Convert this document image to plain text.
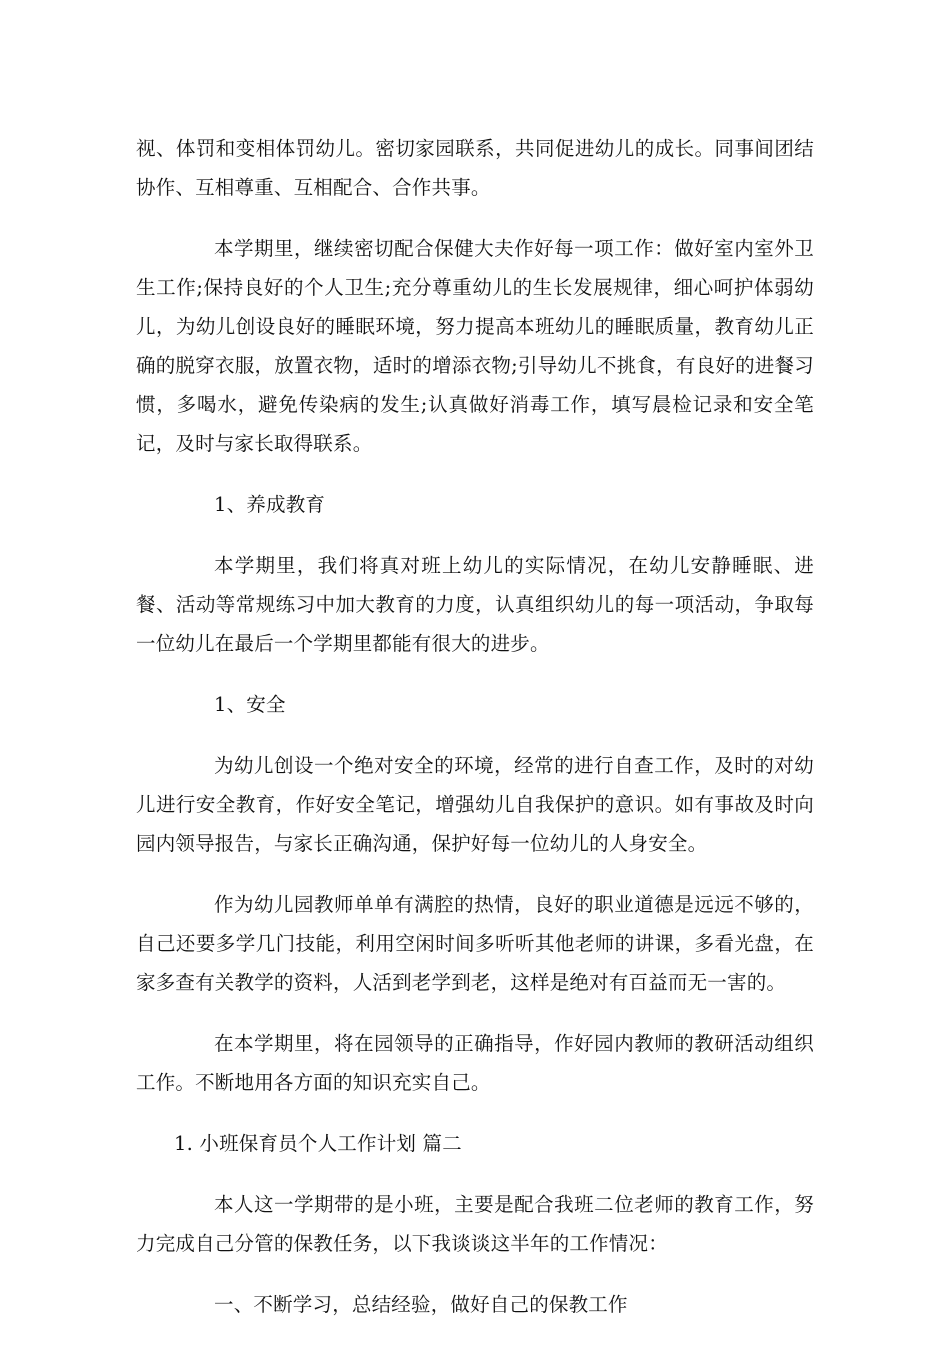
视、体罚和变相体罚幼儿。密切家园联系，共同促进幼儿的成长。同事间团结协作、互相尊重、互相配合、合作共事。

本学期里，继续密切配合保健大夫作好每一项工作：做好室内室外卫生工作;保持良好的个人卫生;充分尊重幼儿的生长发展规律，细心呵护体弱幼儿，为幼儿创设良好的睡眠环境，努力提高本班幼儿的睡眠质量，教育幼儿正确的脱穿衣服，放置衣物，适时的增添衣物;引导幼儿不挑食，有良好的进餐习惯，多喝水，避免传染病的发生;认真做好消毒工作，填写晨检记录和安全笔记，及时与家长取得联系。

1、养成教育

本学期里，我们将真对班上幼儿的实际情况，在幼儿安静睡眠、进餐、活动等常规练习中加大教育的力度，认真组织幼儿的每一项活动，争取每一位幼儿在最后一个学期里都能有很大的进步。

1、安全

为幼儿创设一个绝对安全的环境，经常的进行自查工作，及时的对幼儿进行安全教育，作好安全笔记，增强幼儿自我保护的意识。如有事故及时向园内领导报告，与家长正确沟通，保护好每一位幼儿的人身安全。

作为幼儿园教师单单有满腔的热情，良好的职业道德是远远不够的，自己还要多学几门技能，利用空闲时间多听听其他老师的讲课，多看光盘，在家多查有关教学的资料，人活到老学到老，这样是绝对有百益而无一害的。

在本学期里，将在园领导的正确指导，作好园内教师的教研活动组织工作。不断地用各方面的知识充实自己。

1. 小班保育员个人工作计划 篇二

本人这一学期带的是小班，主要是配合我班二位老师的教育工作，努力完成自己分管的保教任务，以下我谈谈这半年的工作情况：

一、不断学习，总结经验，做好自己的保教工作
